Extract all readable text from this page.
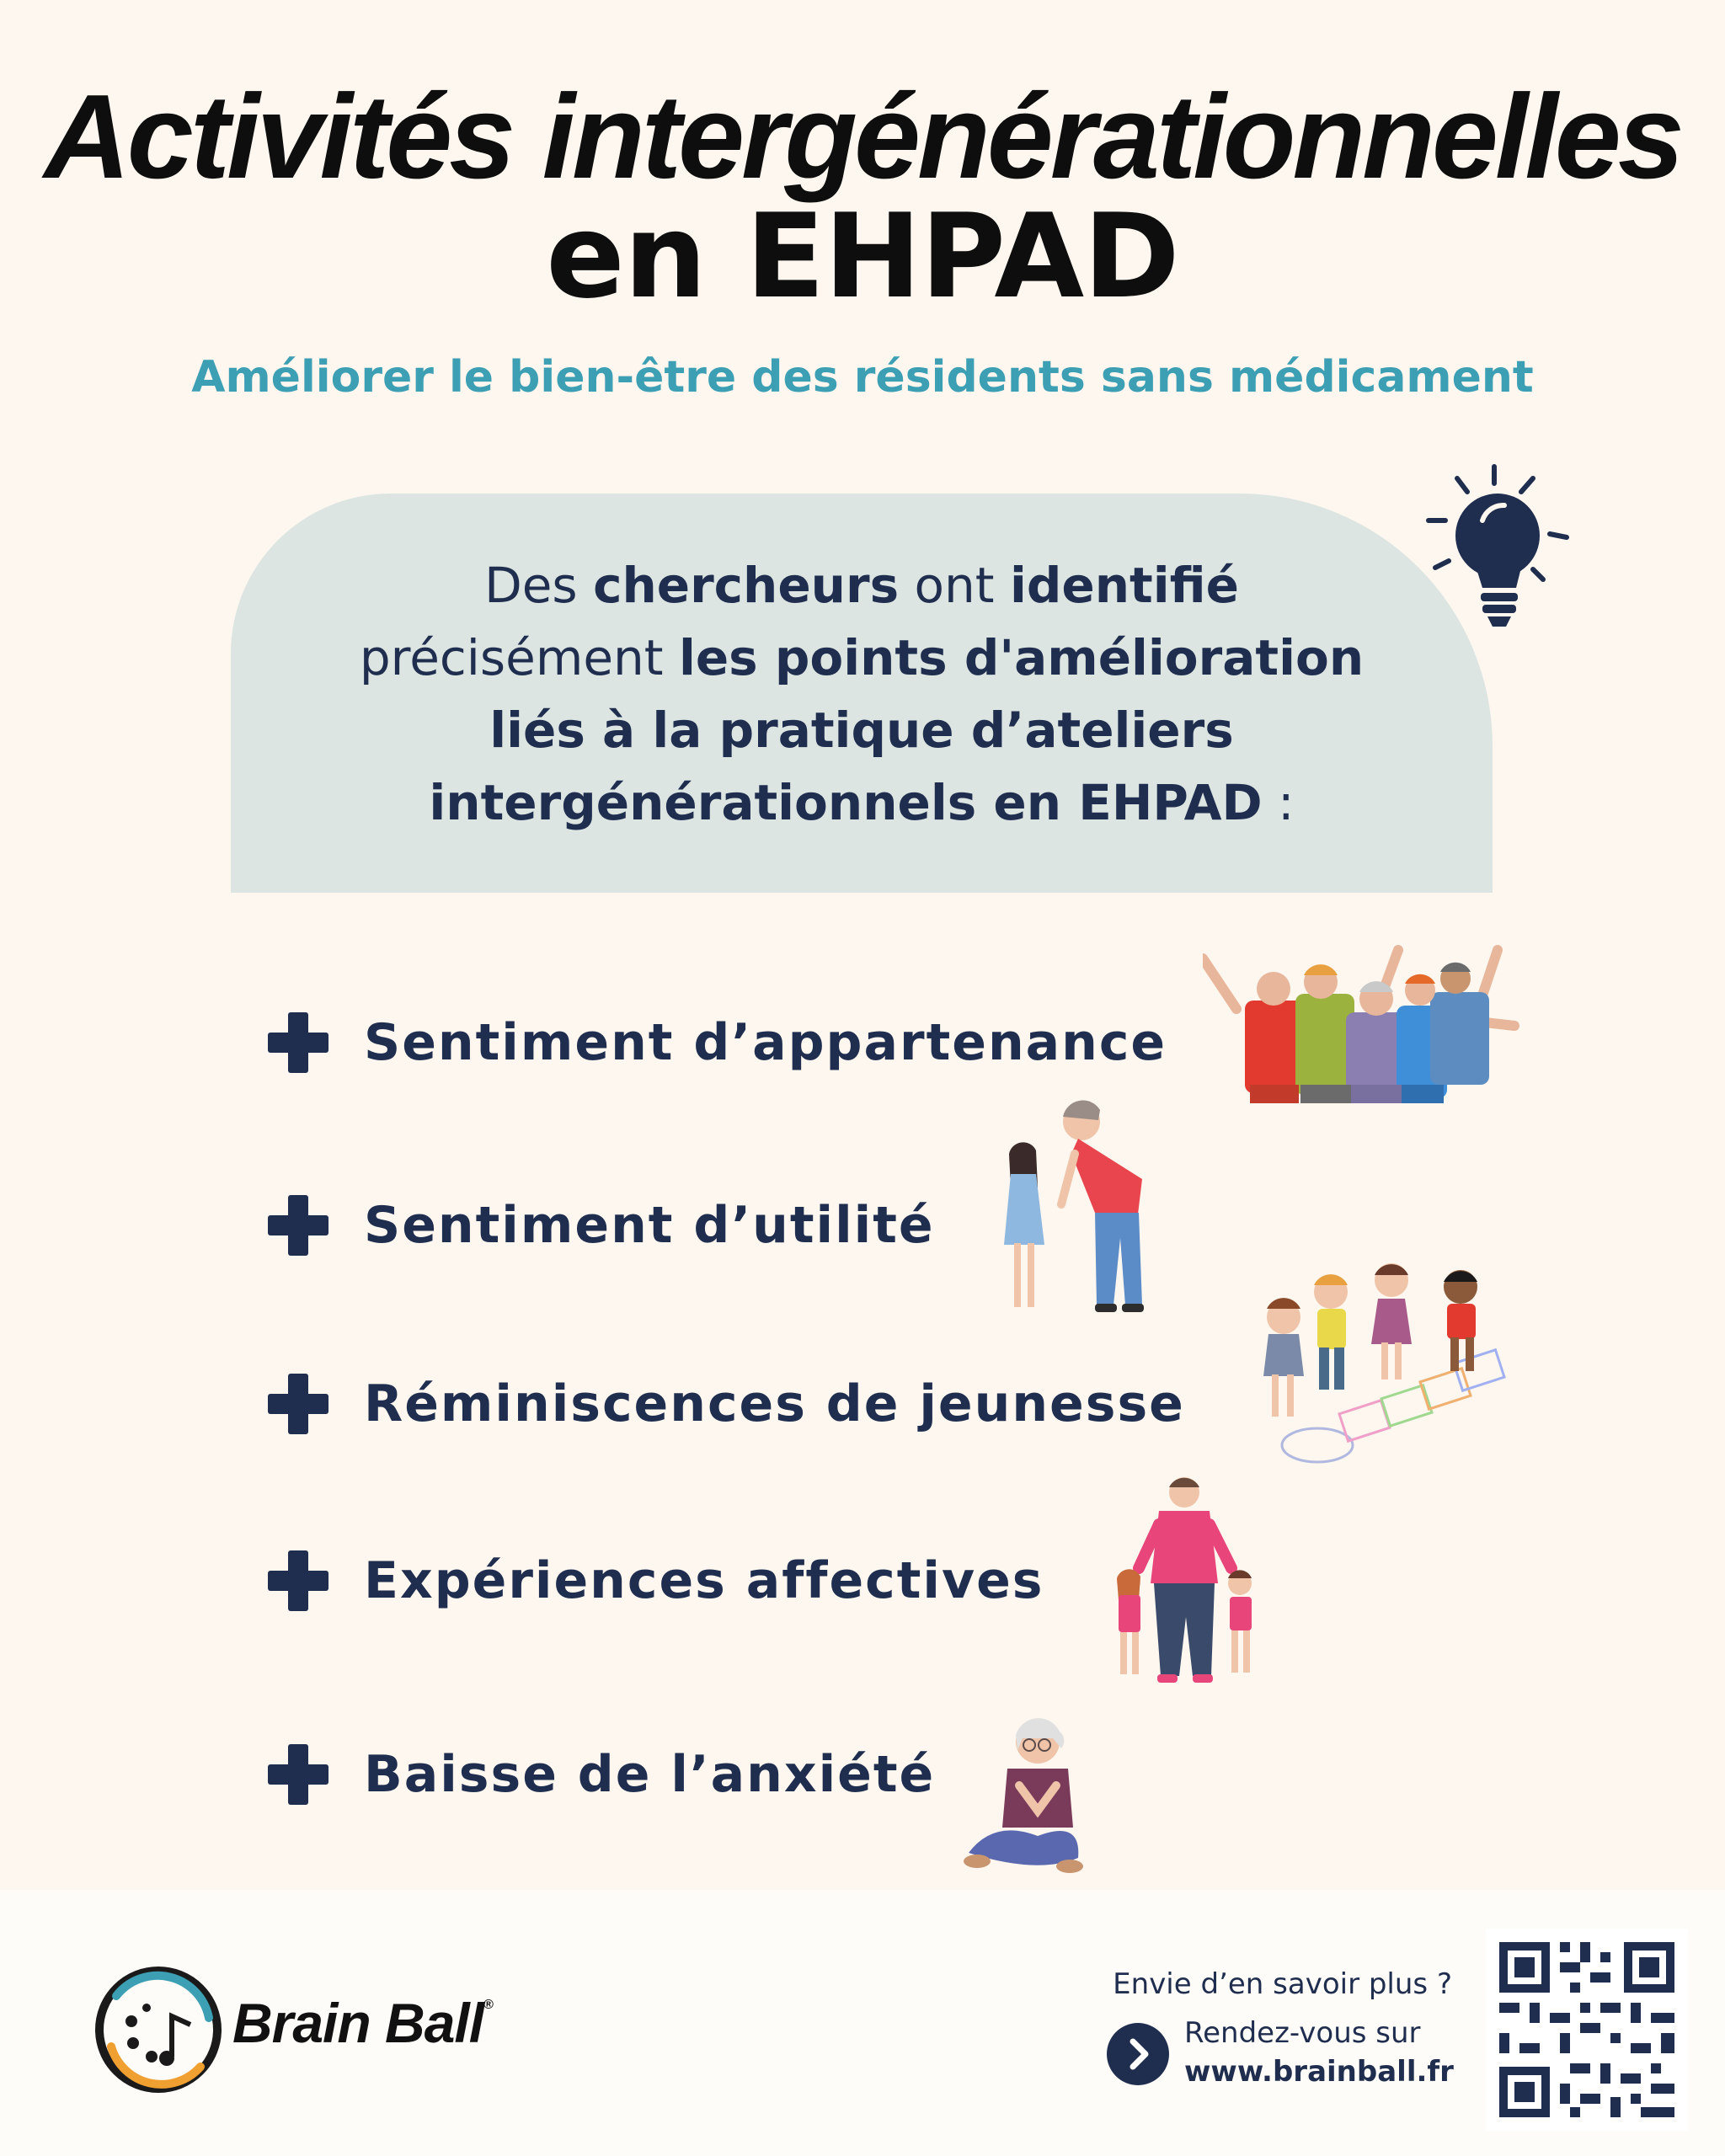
Activités intergénérationnelles
en EHPAD
Améliorer le bien-être des résidents sans médicament
Des chercheurs ont identifié
précisément les points d'amélioration
liés à la pratique d’ateliers
intergénérationnels en EHPAD :
Sentiment d’appartenance
Sentiment d’utilité
Réminiscences de jeunesse
Expériences affectives
Baisse de l’anxiété
Brain Ball®
Envie d’en savoir plus ?
Rendez-vous sur
www.brainball.fr
